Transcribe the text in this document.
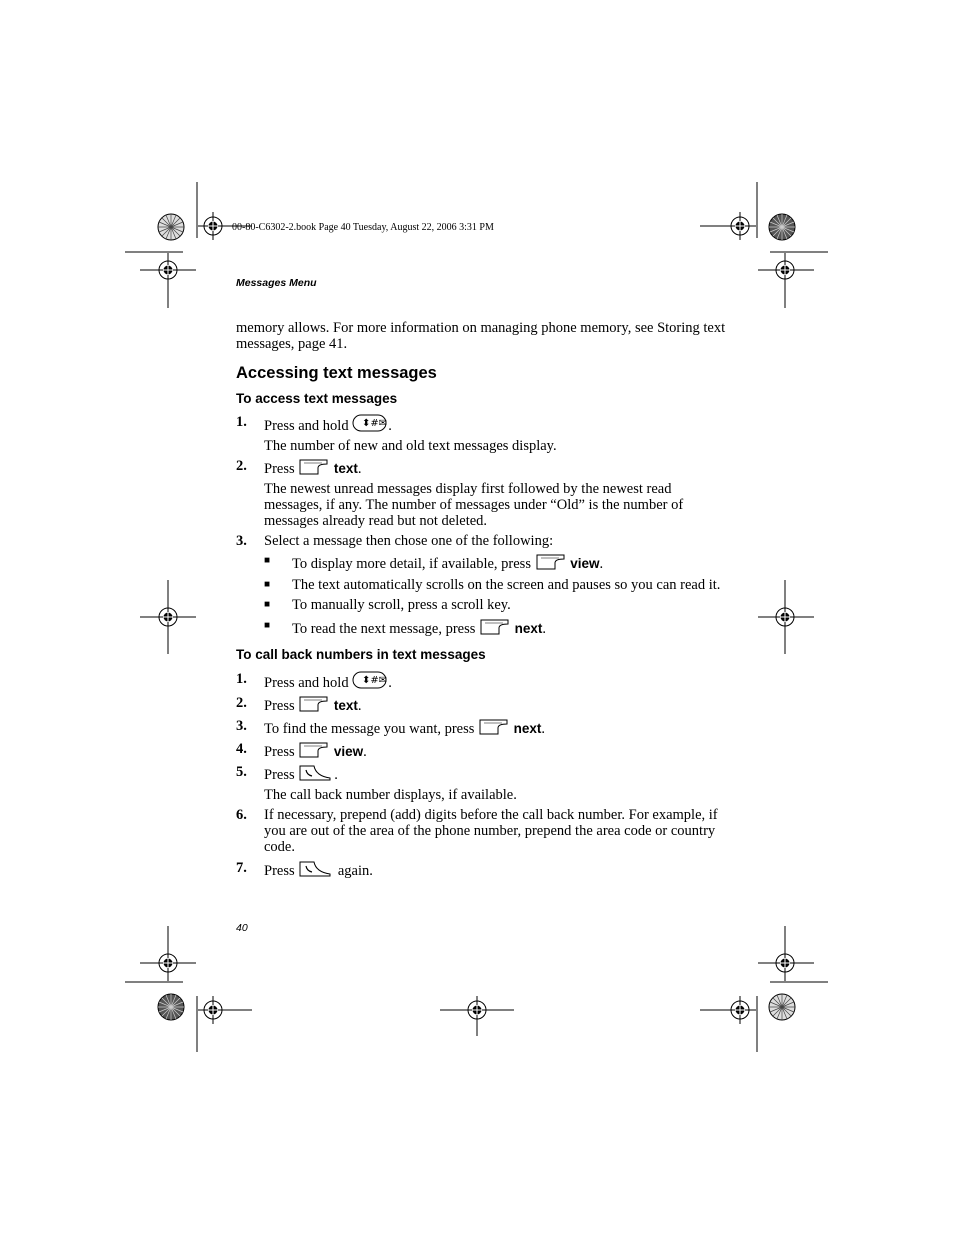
00-80-C6302-2.book Page 40 Tuesday, August 22, 2006 3:31 PM
Messages Menu

memory allows. For more information on managing phone memory, see Storing text messages, page 41.

Accessing text messages

To access text messages

1. Press and hold ⬍#✉ .

The number of new and old text messages display.

2. Press	text.

The newest unread messages display first followed by the newest read messages, if any. The number of messages under “Old” is the number of messages already read but not deleted.

3. Select a message then chose one of the following:
■ To display more detail, if available, press	view.
■ The text automatically scrolls on the screen and pauses so you can read it.
■ To manually scroll, press a scroll key.
■ To read the next message, press	next.

To call back numbers in text messages

1. Press and hold ⬍#✉ .
2. Press	text.
3. To find the message you want, press	next.
4. Press	view.
5. Press	.

The call back number displays, if available.

6. If necessary, prepend (add) digits before the call back number. For example, if you are out of the area of the phone number, prepend the area code or country code.
7. Press	again.
40
